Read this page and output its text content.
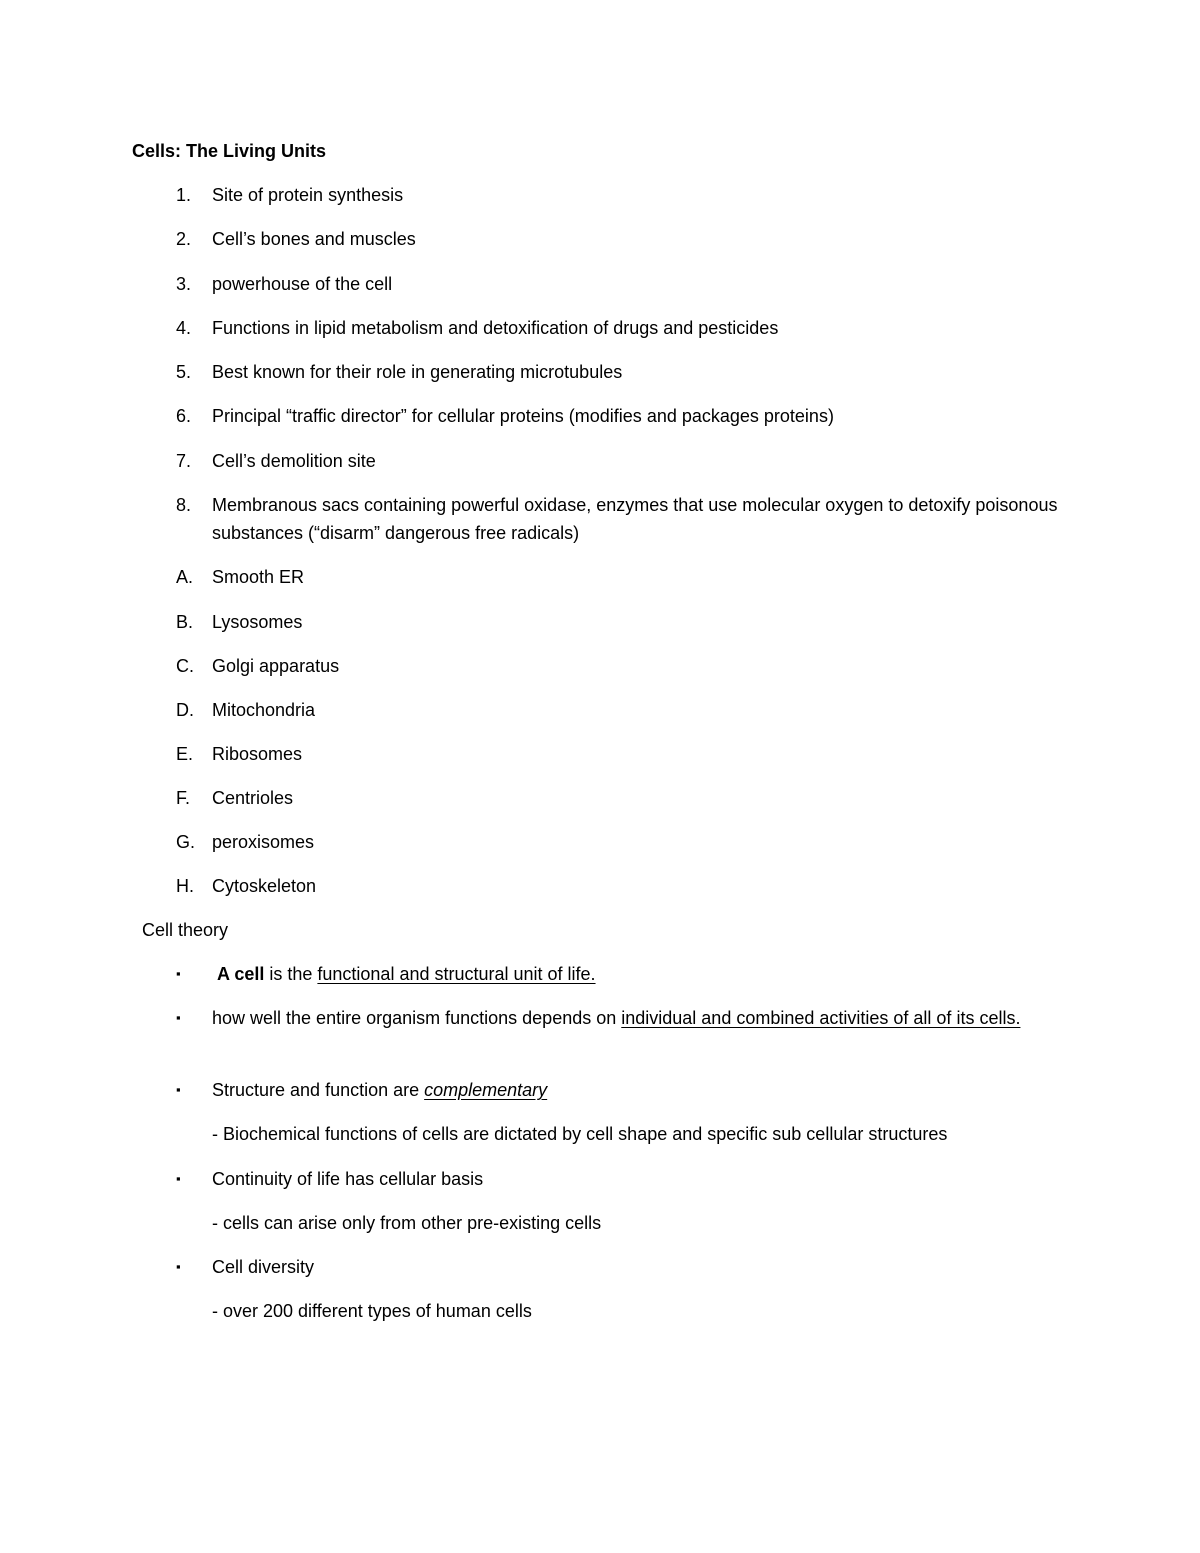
Cells: The Living Units
1. Site of protein synthesis
2. Cell’s bones and muscles
3. powerhouse of the cell
4. Functions in lipid metabolism and detoxification of drugs and pesticides
5. Best known for their role in generating microtubules
6. Principal “traffic director” for cellular proteins (modifies and packages proteins)
7. Cell’s demolition site
8. Membranous sacs containing powerful oxidase, enzymes that use molecular oxygen to detoxify poisonous substances (“disarm” dangerous free radicals)
A. Smooth ER
B. Lysosomes
C. Golgi apparatus
D. Mitochondria
E. Ribosomes
F. Centrioles
G. peroxisomes
H. Cytoskeleton
Cell theory
▪ A cell is the functional and structural unit of life.
▪ how well the entire organism functions depends on individual and combined activities of all of its cells.
▪ Structure and function are complementary
- Biochemical functions of cells are dictated by cell shape and specific sub cellular structures
▪ Continuity of life has cellular basis
- cells can arise only from other pre-existing cells
▪ Cell diversity
- over 200 different types of human cells
